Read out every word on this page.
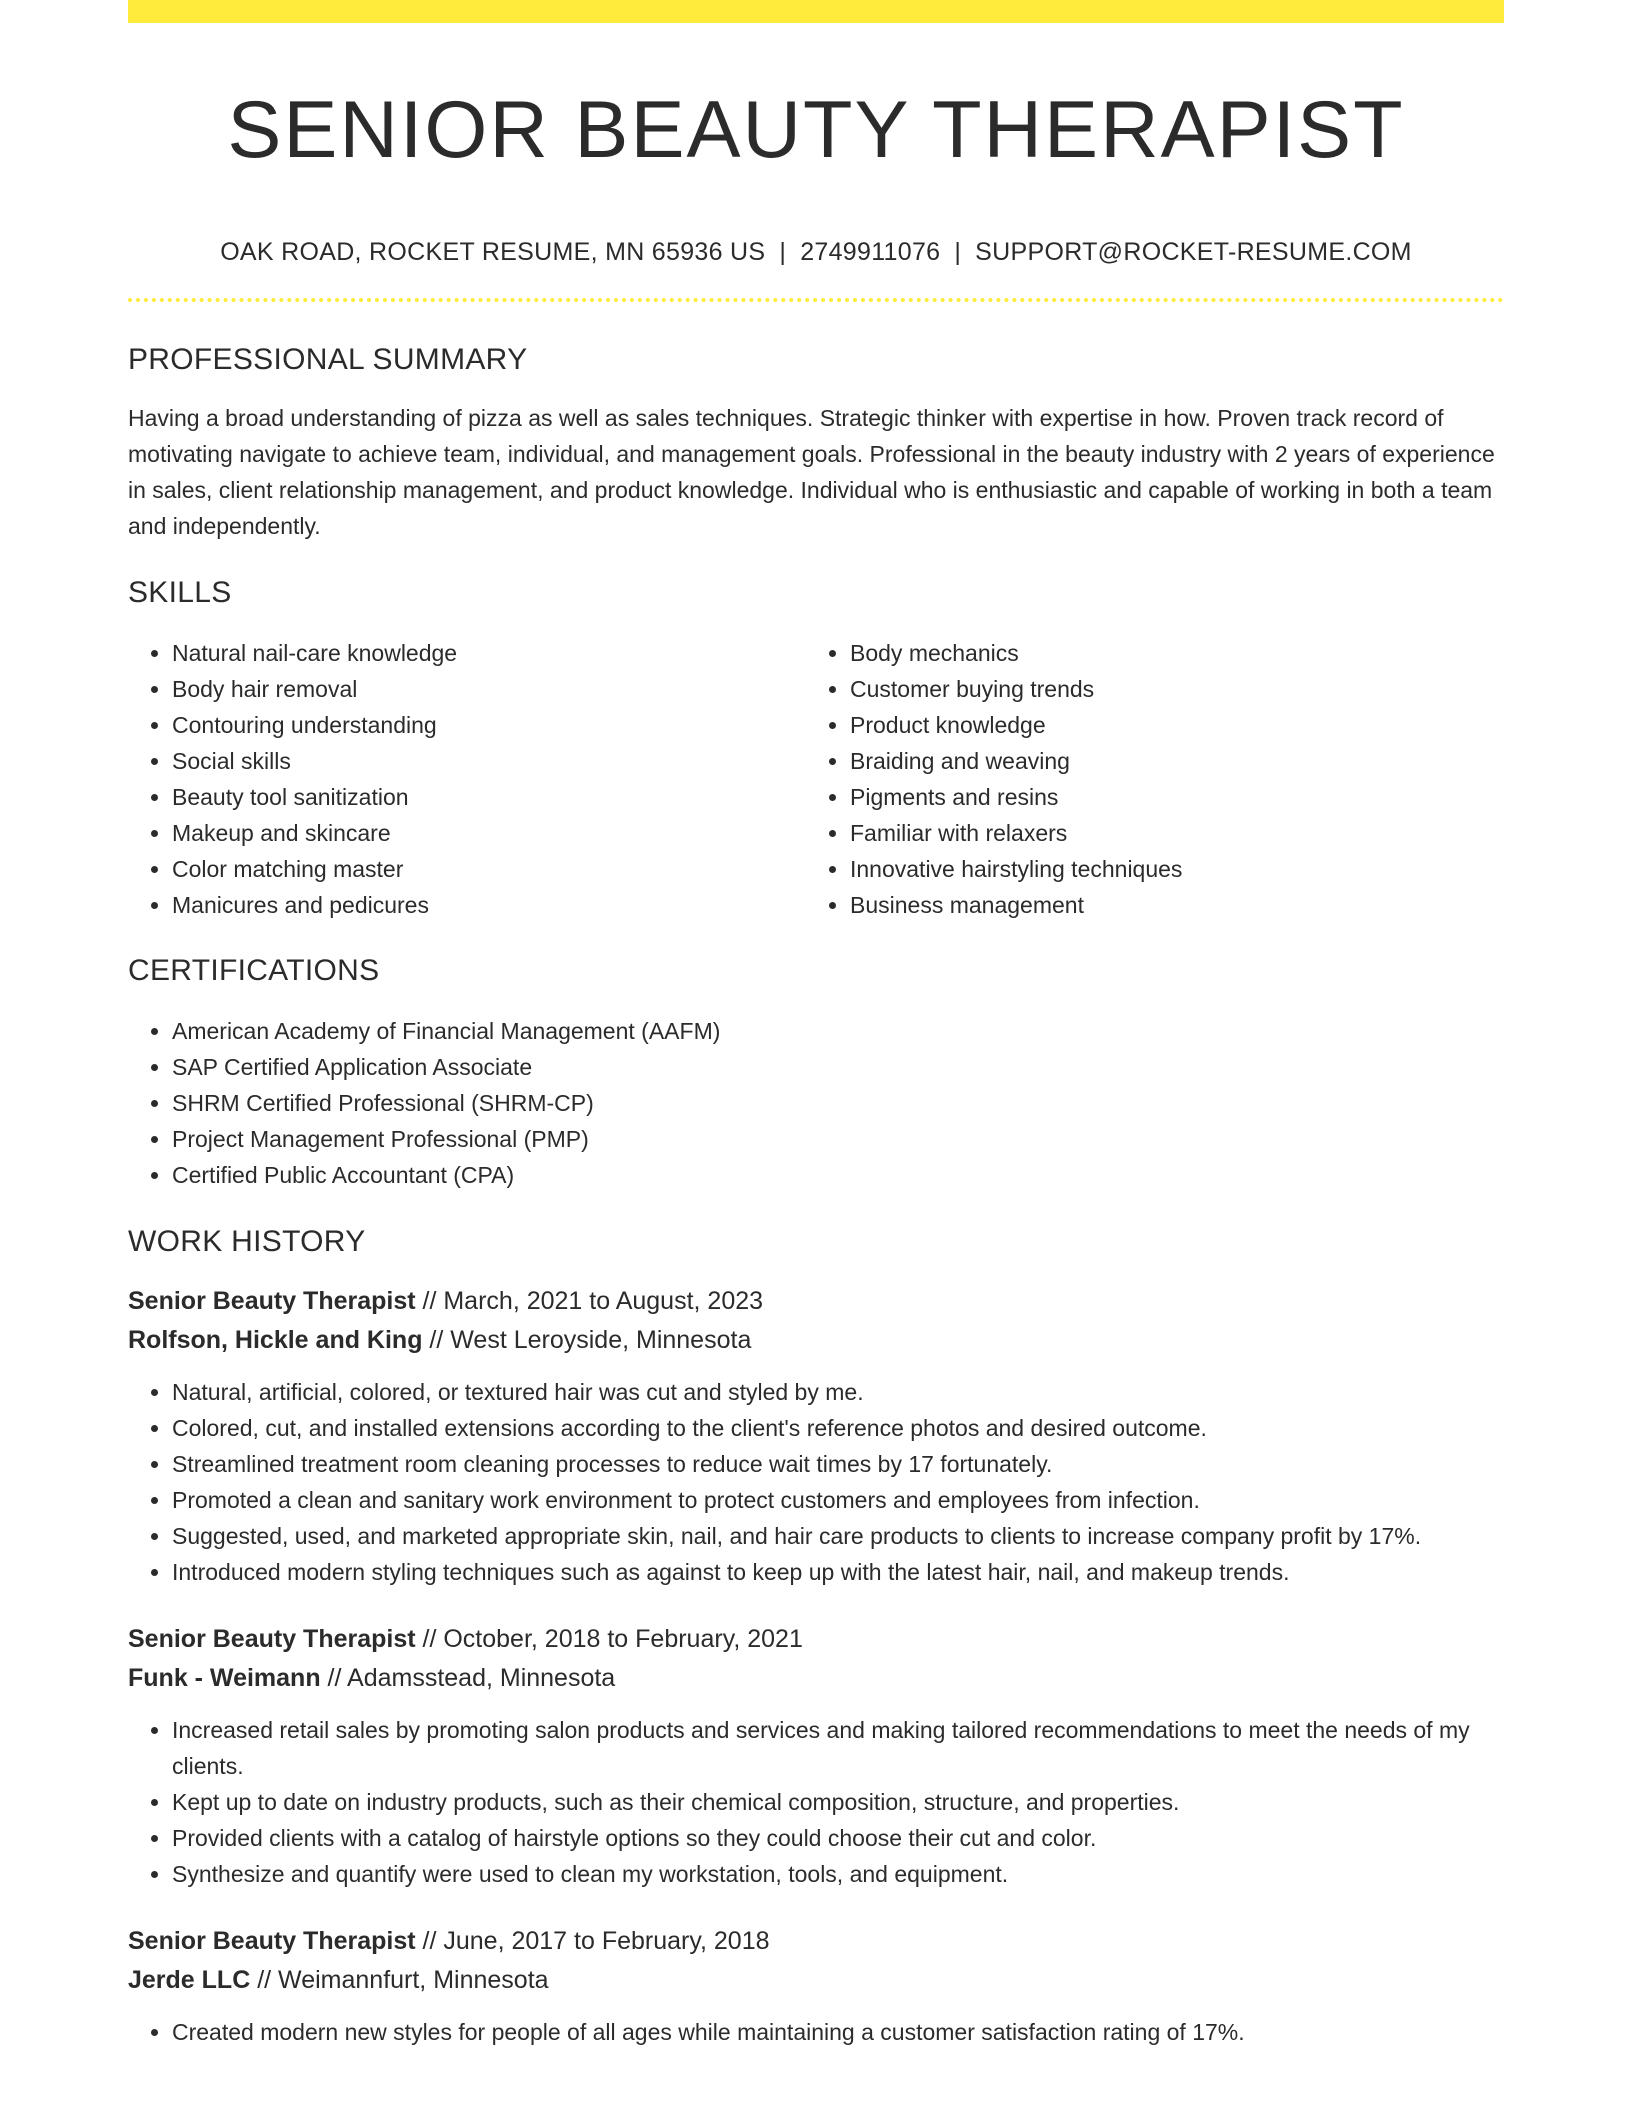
SENIOR BEAUTY THERAPIST
OAK ROAD, ROCKET RESUME, MN 65936 US | 2749911076 | SUPPORT@ROCKET-RESUME.COM
PROFESSIONAL SUMMARY
Having a broad understanding of pizza as well as sales techniques. Strategic thinker with expertise in how. Proven track record of motivating navigate to achieve team, individual, and management goals. Professional in the beauty industry with 2 years of experience in sales, client relationship management, and product knowledge. Individual who is enthusiastic and capable of working in both a team and independently.
SKILLS
• Natural nail-care knowledge
• Body hair removal
• Contouring understanding
• Social skills
• Beauty tool sanitization
• Makeup and skincare
• Color matching master
• Manicures and pedicures
• Body mechanics
• Customer buying trends
• Product knowledge
• Braiding and weaving
• Pigments and resins
• Familiar with relaxers
• Innovative hairstyling techniques
• Business management
CERTIFICATIONS
• American Academy of Financial Management (AAFM)
• SAP Certified Application Associate
• SHRM Certified Professional (SHRM-CP)
• Project Management Professional (PMP)
• Certified Public Accountant (CPA)
WORK HISTORY
Senior Beauty Therapist // March, 2021 to August, 2023
Rolfson, Hickle and King // West Leroyside, Minnesota
• Natural, artificial, colored, or textured hair was cut and styled by me.
• Colored, cut, and installed extensions according to the client's reference photos and desired outcome.
• Streamlined treatment room cleaning processes to reduce wait times by 17 fortunately.
• Promoted a clean and sanitary work environment to protect customers and employees from infection.
• Suggested, used, and marketed appropriate skin, nail, and hair care products to clients to increase company profit by 17%.
• Introduced modern styling techniques such as against to keep up with the latest hair, nail, and makeup trends.
Senior Beauty Therapist // October, 2018 to February, 2021
Funk - Weimann // Adamsstead, Minnesota
• Increased retail sales by promoting salon products and services and making tailored recommendations to meet the needs of my clients.
• Kept up to date on industry products, such as their chemical composition, structure, and properties.
• Provided clients with a catalog of hairstyle options so they could choose their cut and color.
• Synthesize and quantify were used to clean my workstation, tools, and equipment.
Senior Beauty Therapist // June, 2017 to February, 2018
Jerde LLC // Weimannfurt, Minnesota
• Created modern new styles for people of all ages while maintaining a customer satisfaction rating of 17%.
